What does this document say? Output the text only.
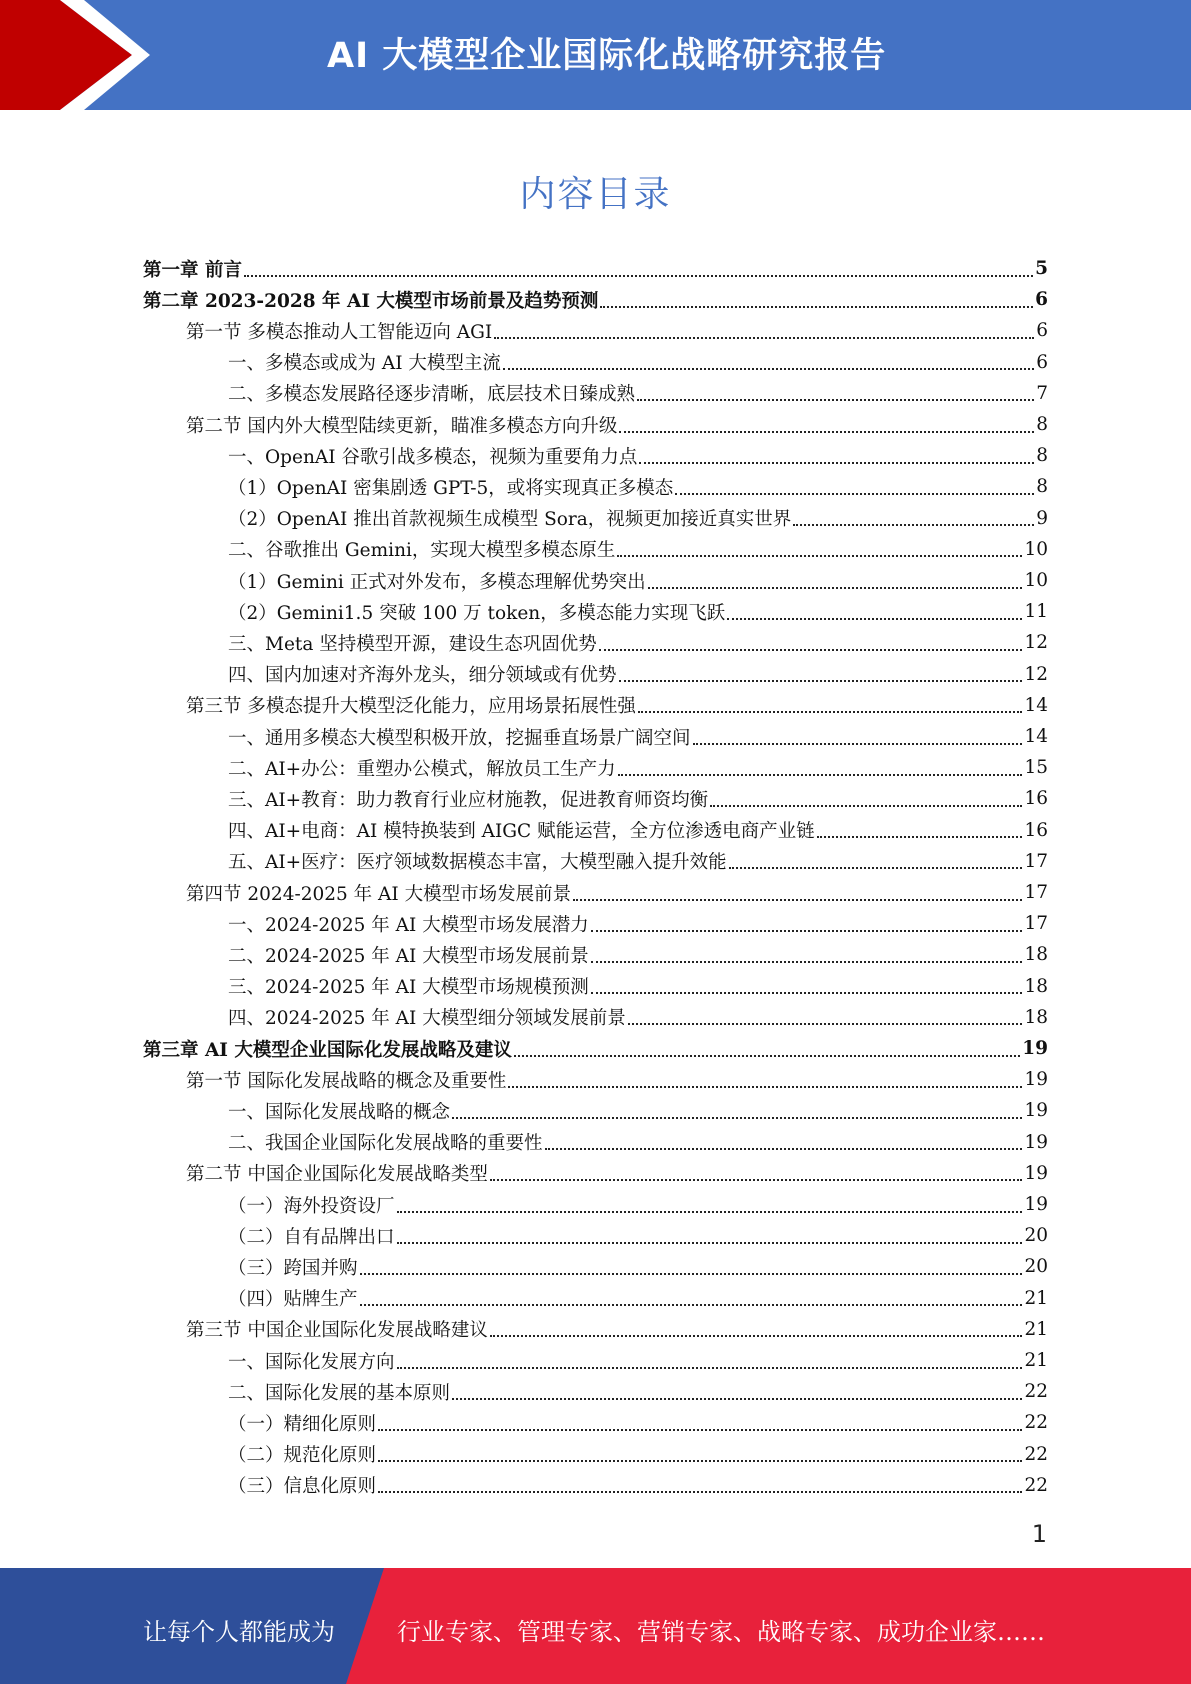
AI 大模型企业国际化战略研究报告
内容目录
第一章 前言	5
第二章 2023-2028 年 AI 大模型市场前景及趋势预测	6
第一节 多模态推动人工智能迈向 AGI	6
一、多模态或成为 AI 大模型主流	6
二、多模态发展路径逐步清晰，底层技术日臻成熟	7
第二节 国内外大模型陆续更新，瞄准多模态方向升级	8
一、OpenAI 谷歌引战多模态，视频为重要角力点	8
（1）OpenAI 密集剧透 GPT-5，或将实现真正多模态	8
（2）OpenAI 推出首款视频生成模型 Sora，视频更加接近真实世界	9
二、谷歌推出 Gemini，实现大模型多模态原生	10
（1）Gemini 正式对外发布，多模态理解优势突出	10
（2）Gemini1.5 突破 100 万 token，多模态能力实现飞跃	11
三、Meta 坚持模型开源，建设生态巩固优势	12
四、国内加速对齐海外龙头，细分领域或有优势	12
第三节 多模态提升大模型泛化能力，应用场景拓展性强	14
一、通用多模态大模型积极开放，挖掘垂直场景广阔空间	14
二、AI+办公：重塑办公模式，解放员工生产力	15
三、AI+教育：助力教育行业应材施教，促进教育师资均衡	16
四、AI+电商：AI 模特换装到 AIGC 赋能运营，全方位渗透电商产业链	16
五、AI+医疗：医疗领域数据模态丰富，大模型融入提升效能	17
第四节 2024-2025 年 AI 大模型市场发展前景	17
一、2024-2025 年 AI 大模型市场发展潜力	17
二、2024-2025 年 AI 大模型市场发展前景	18
三、2024-2025 年 AI 大模型市场规模预测	18
四、2024-2025 年 AI 大模型细分领域发展前景	18
第三章 AI 大模型企业国际化发展战略及建议	19
第一节 国际化发展战略的概念及重要性	19
一、国际化发展战略的概念	19
二、我国企业国际化发展战略的重要性	19
第二节 中国企业国际化发展战略类型	19
（一）海外投资设厂	19
（二）自有品牌出口	20
（三）跨国并购	20
（四）贴牌生产	21
第三节 中国企业国际化发展战略建议	21
一、国际化发展方向	21
二、国际化发展的基本原则	22
（一）精细化原则	22
（二）规范化原则	22
（三）信息化原则	22
1
让每个人都能成为	行业专家、管理专家、营销专家、战略专家、成功企业家……
